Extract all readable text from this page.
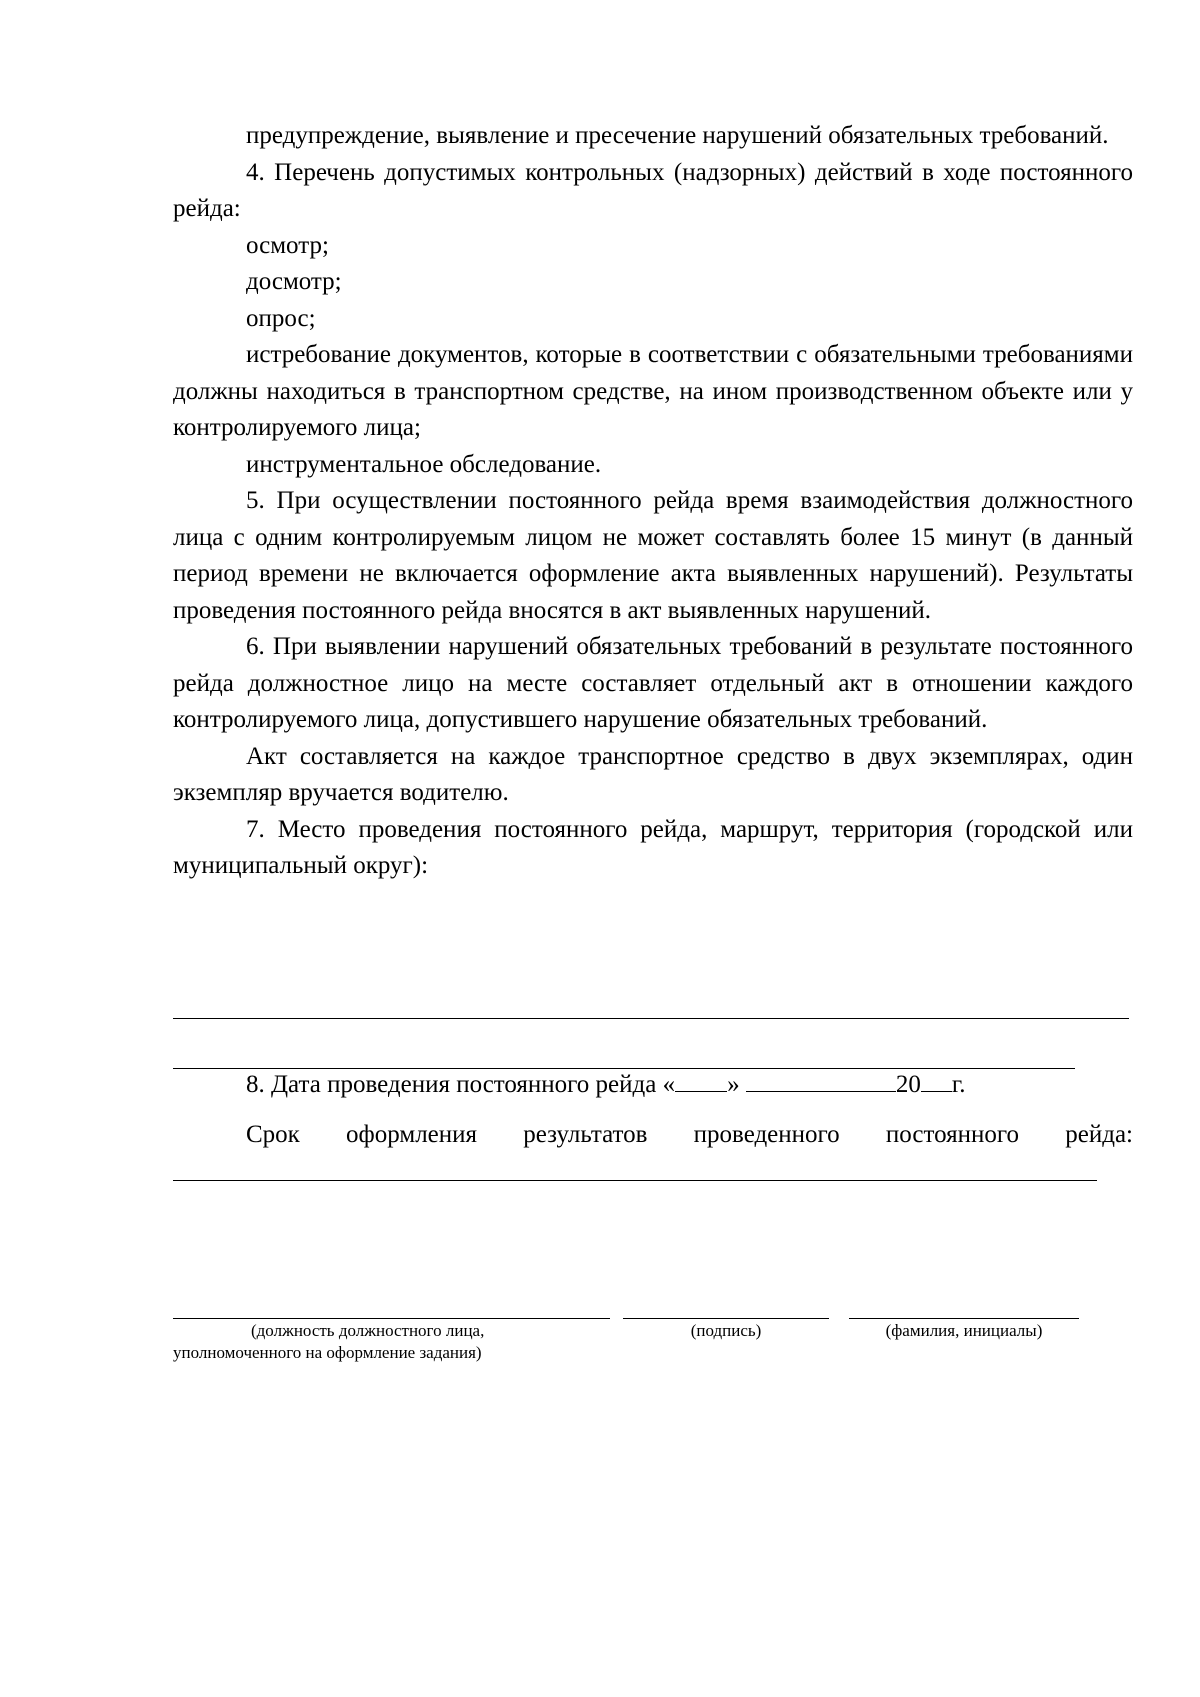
предупреждение, выявление и пресечение нарушений обязательных требований.

4. Перечень допустимых контрольных (надзорных) действий в ходе постоянного рейда:

осмотр;

досмотр;

опрос;

истребование документов, которые в соответствии с обязательными требованиями должны находиться в транспортном средстве, на ином производственном объекте или у контролируемого лица;

инструментальное обследование.

5. При осуществлении постоянного рейда время взаимодействия должностного лица с одним контролируемым лицом не может составлять более 15 минут (в данный период времени не включается оформление акта выявленных нарушений). Результаты проведения постоянного рейда вносятся в акт выявленных нарушений.

6. При выявлении нарушений обязательных требований в результате постоянного рейда должностное лицо на месте составляет отдельный акт в отношении каждого контролируемого лица, допустившего нарушение обязательных требований.

Акт составляется на каждое транспортное средство в двух экземплярах, один экземпляр вручается водителю.

7. Место проведения постоянного рейда, маршрут, территория (городской или муниципальный округ):

8. Дата проведения постоянного рейда « »	20 г.

Срок оформления результатов проведенного постоянного рейда:

(должность должностного лица,
уполномоченного на оформление задания)
(подпись)	(фамилия, инициалы)
